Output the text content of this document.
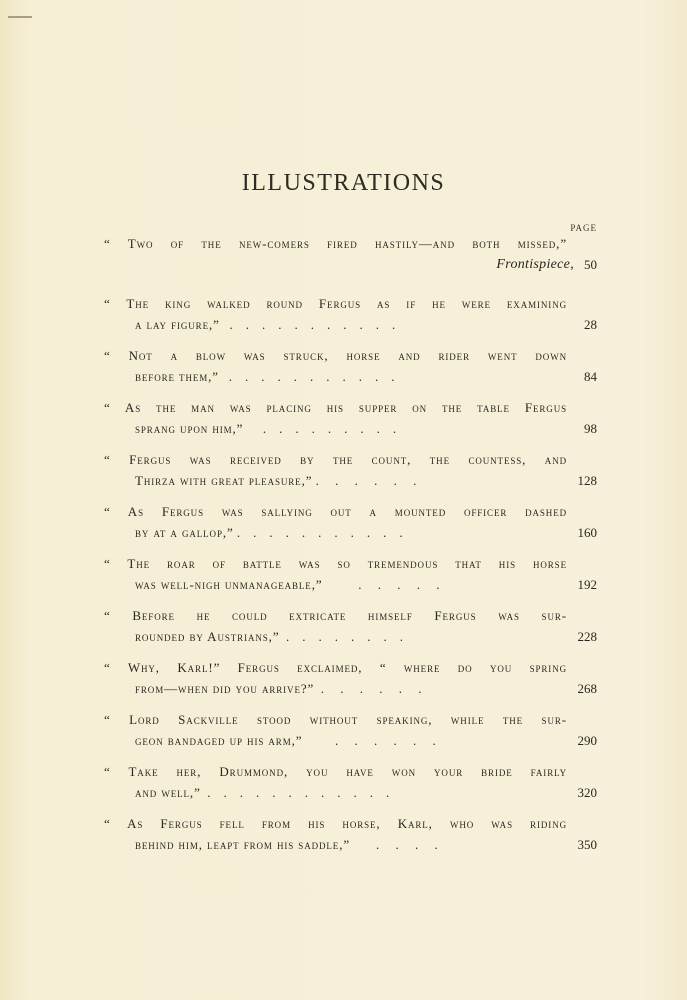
ILLUSTRATIONS
PAGE
“ Two of the new-comers fired hastily—and both missed,”
Frontispiece, 50
“ The king walked round Fergus as if he were examining
a lay figure,”   .    .    .    .    .    .    .    .    .    .    .	28
“ Not a blow was struck, horse and rider went down
before them,”   .    .    .    .    .    .    .    .    .    .    .	84
“ As the man was placing his supper on the table Fergus
sprang upon him,”      .    .    .    .    .    .    .    .    .	98
“ Fergus was received by the count, the countess, and
Thirza with great pleasure,” .     .     .     .     .     .	128
“ As Fergus was sallying out a mounted officer dashed
by at a gallop,” .    .    .    .    .    .    .    .    .    .    .	160
“ The roar of battle was so tremendous that his horse
was well-nigh unmanageable,”           .     .     .     .     .	192
“ Before he could extricate himself Fergus was sur-
rounded by Austrians,”  .    .    .    .    .    .    .    .	228
“ Why, Karl!” Fergus exclaimed, “ where do you spring
from—when did you arrive?”  .     .     .     .     .     .	268
“ Lord Sackville stood without speaking, while the sur-
geon bandaged up his arm,”          .     .     .     .     .     .	290
“ Take her, Drummond, you have won your bride fairly
and well,”  .    .    .    .    .    .    .    .    .    .    .    .	320
“ As Fergus fell from his horse, Karl, who was riding
behind him, leapt from his saddle,”        .     .     .     .	350
